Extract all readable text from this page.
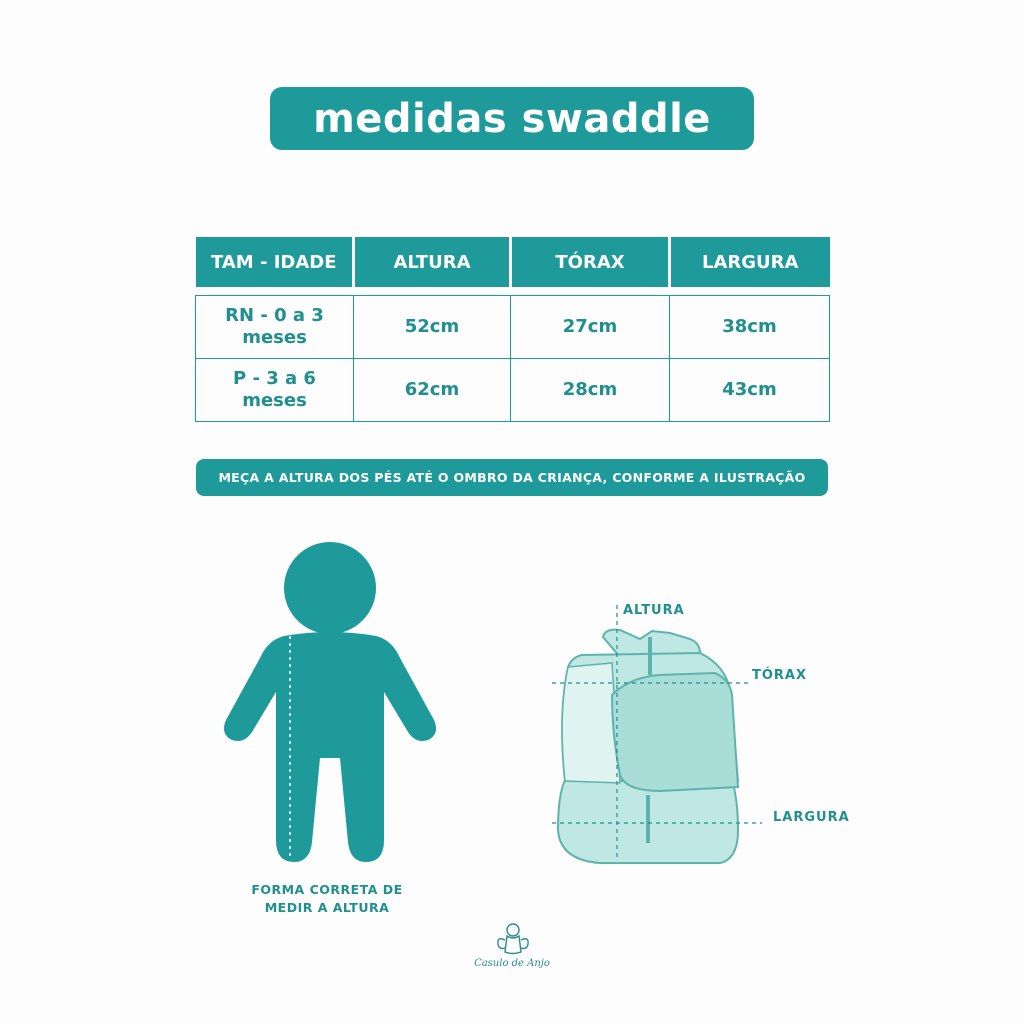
medidas swaddle
TAM - IDADE	ALTURA	TÓRAX	LARGURA

RN - 0 a 3 meses	52cm	27cm	38cm
P - 3 a 6 meses	62cm	28cm	43cm
MEÇA A ALTURA DOS PÉS ATÉ O OMBRO DA CRIANÇA, CONFORME A ILUSTRAÇÃO
FORMA CORRETA DE
MEDIR A ALTURA
ALTURA
TÓRAX
LARGURA
Casulo de Anjo
